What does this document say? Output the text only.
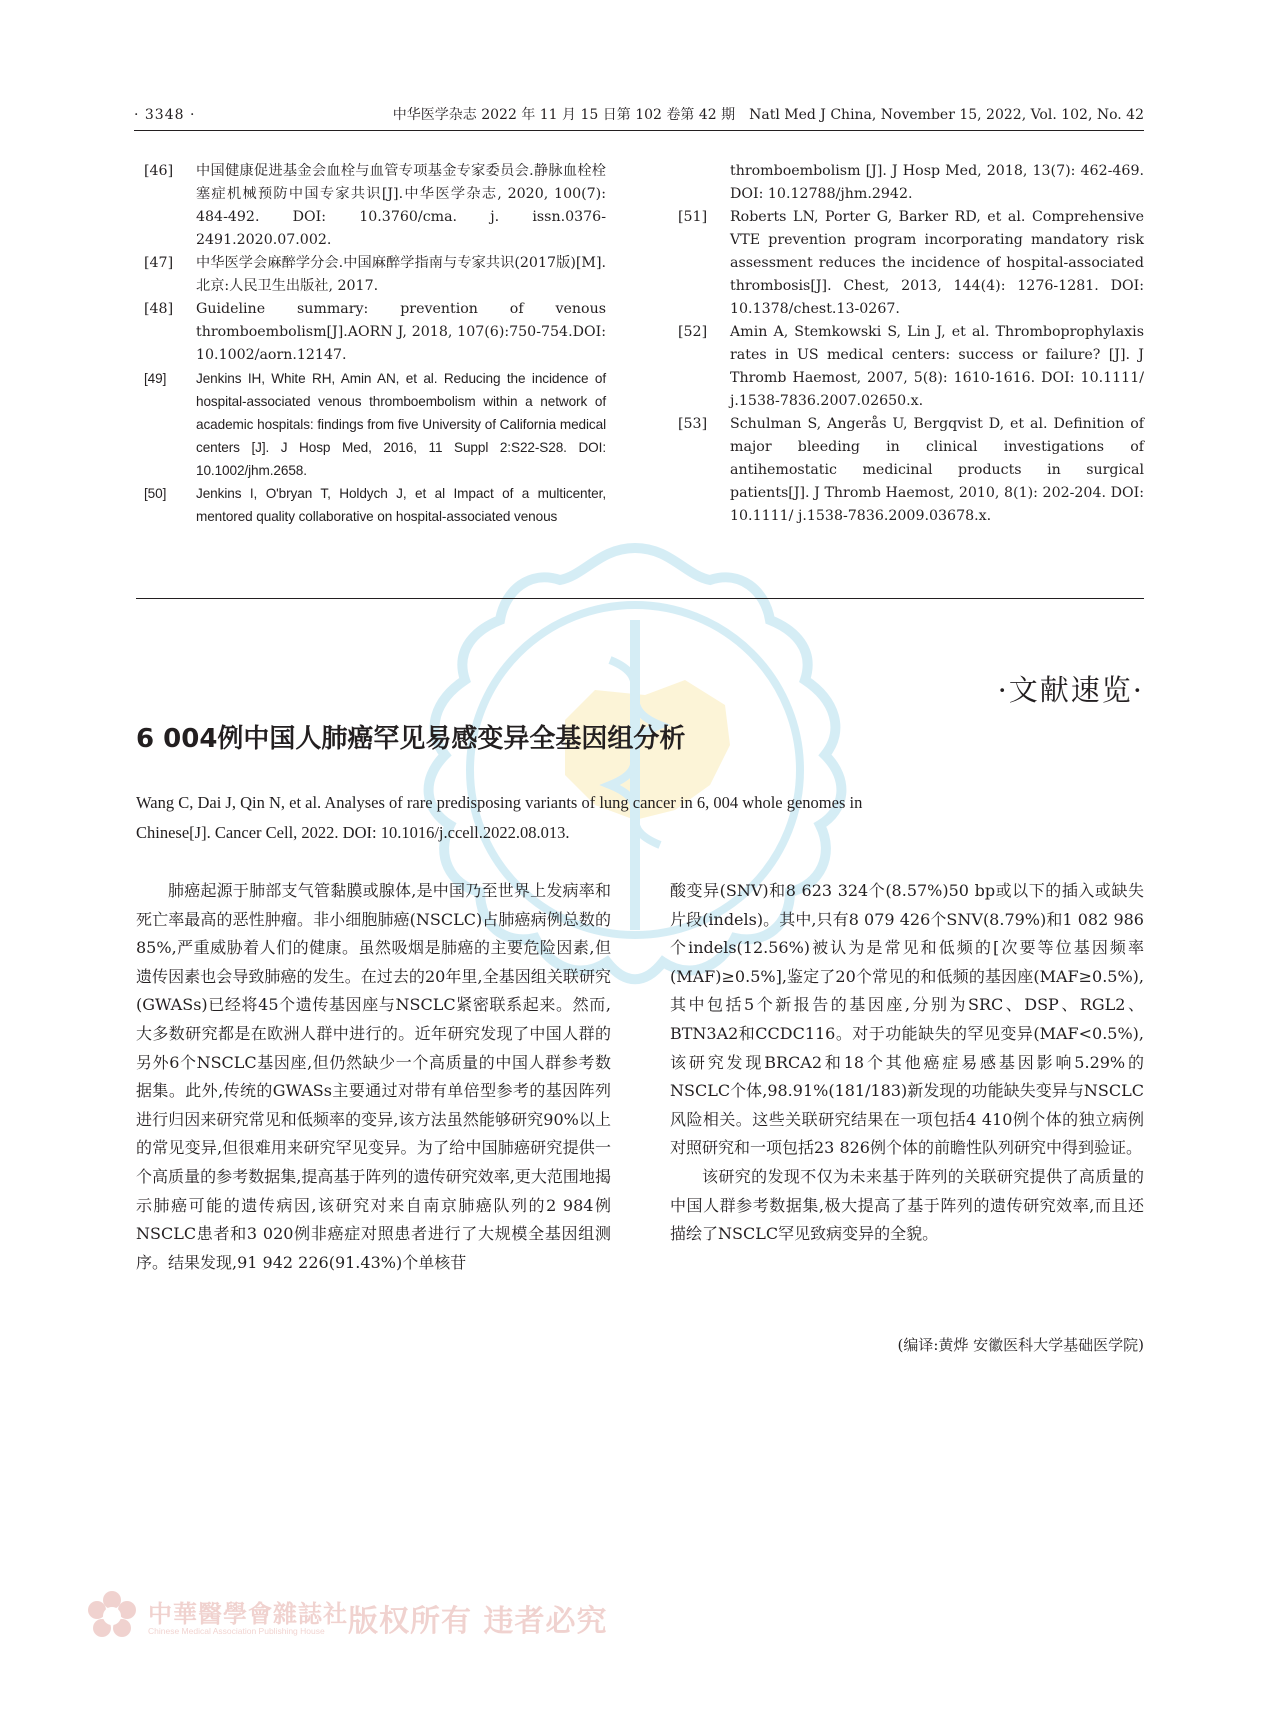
· 3348 ·	中华医学杂志 2022 年 11 月 15 日第 102 卷第 42 期　Natl Med J China, November 15, 2022, Vol. 102, No. 42
[46] 中国健康促进基金会血栓与血管专项基金专家委员会.静脉血栓栓塞症机械预防中国专家共识[J].中华医学杂志, 2020, 100(7): 484-492. DOI: 10.3760/cma. j. issn.0376-2491.2020.07.002.
[47] 中华医学会麻醉学分会.中国麻醉学指南与专家共识(2017版)[M].北京:人民卫生出版社, 2017.
[48] Guideline summary: prevention of venous thromboembolism[J].AORN J, 2018, 107(6):750-754.DOI: 10.1002/aorn.12147.
[49] Jenkins IH, White RH, Amin AN, et al. Reducing the incidence of hospital-associated venous thromboembolism within a network of academic hospitals: findings from five University of California medical centers [J]. J Hosp Med, 2016, 11 Suppl 2:S22-S28. DOI: 10.1002/jhm.2658.
[50] Jenkins I, O'bryan T, Holdych J, et al Impact of a multicenter, mentored quality collaborative on hospital-associated venous
thromboembolism [J]. J Hosp Med, 2018, 13(7): 462-469. DOI: 10.12788/jhm.2942.
[51] Roberts LN, Porter G, Barker RD, et al. Comprehensive VTE prevention program incorporating mandatory risk assessment reduces the incidence of hospital-associated thrombosis[J]. Chest, 2013, 144(4): 1276-1281. DOI: 10.1378/chest.13-0267.
[52] Amin A, Stemkowski S, Lin J, et al. Thromboprophylaxis rates in US medical centers: success or failure? [J]. J Thromb Haemost, 2007, 5(8): 1610-1616. DOI: 10.1111/ j.1538-7836.2007.02650.x.
[53] Schulman S, Angerås U, Bergqvist D, et al. Definition of major bleeding in clinical investigations of antihemostatic medicinal products in surgical patients[J]. J Thromb Haemost, 2010, 8(1): 202-204. DOI: 10.1111/ j.1538-7836.2009.03678.x.
·文献速览·
6 004例中国人肺癌罕见易感变异全基因组分析
Wang C, Dai J, Qin N, et al. Analyses of rare predisposing variants of lung cancer in 6, 004 whole genomes in Chinese[J]. Cancer Cell, 2022. DOI: 10.1016/j.ccell.2022.08.013.

肺癌起源于肺部支气管黏膜或腺体,是中国乃至世界上发病率和死亡率最高的恶性肿瘤。非小细胞肺癌(NSCLC)占肺癌病例总数的85%,严重威胁着人们的健康。虽然吸烟是肺癌的主要危险因素,但遗传因素也会导致肺癌的发生。在过去的20年里,全基因组关联研究(GWASs)已经将45个遗传基因座与NSCLC紧密联系起来。然而,大多数研究都是在欧洲人群中进行的。近年研究发现了中国人群的另外6个NSCLC基因座,但仍然缺少一个高质量的中国人群参考数据集。此外,传统的GWASs主要通过对带有单倍型参考的基因阵列进行归因来研究常见和低频率的变异,该方法虽然能够研究90%以上的常见变异,但很难用来研究罕见变异。为了给中国肺癌研究提供一个高质量的参考数据集,提高基于阵列的遗传研究效率,更大范围地揭示肺癌可能的遗传病因,该研究对来自南京肺癌队列的2 984例NSCLC患者和3 020例非癌症对照患者进行了大规模全基因组测序。结果发现,91 942 226(91.43%)个单核苷

酸变异(SNV)和8 623 324个(8.57%)50 bp或以下的插入或缺失片段(indels)。其中,只有8 079 426个SNV(8.79%)和1 082 986个indels(12.56%)被认为是常见和低频的[次要等位基因频率(MAF)≥0.5%],鉴定了20个常见的和低频的基因座(MAF≥0.5%),其中包括5个新报告的基因座,分别为SRC、DSP、RGL2、BTN3A2和CCDC116。对于功能缺失的罕见变异(MAF<0.5%),该研究发现BRCA2和18个其他癌症易感基因影响5.29%的NSCLC个体,98.91%(181/183)新发现的功能缺失变异与NSCLC风险相关。这些关联研究结果在一项包括4 410例个体的独立病例对照研究和一项包括23 826例个体的前瞻性队列研究中得到验证。

该研究的发现不仅为未来基于阵列的关联研究提供了高质量的中国人群参考数据集,极大提高了基于阵列的遗传研究效率,而且还描绘了NSCLC罕见致病变异的全貌。

(编译:黄烨 安徽医科大学基础医学院)
中華醫學會雜誌社
Chinese Medical Association Publishing House 版权所有 违者必究
